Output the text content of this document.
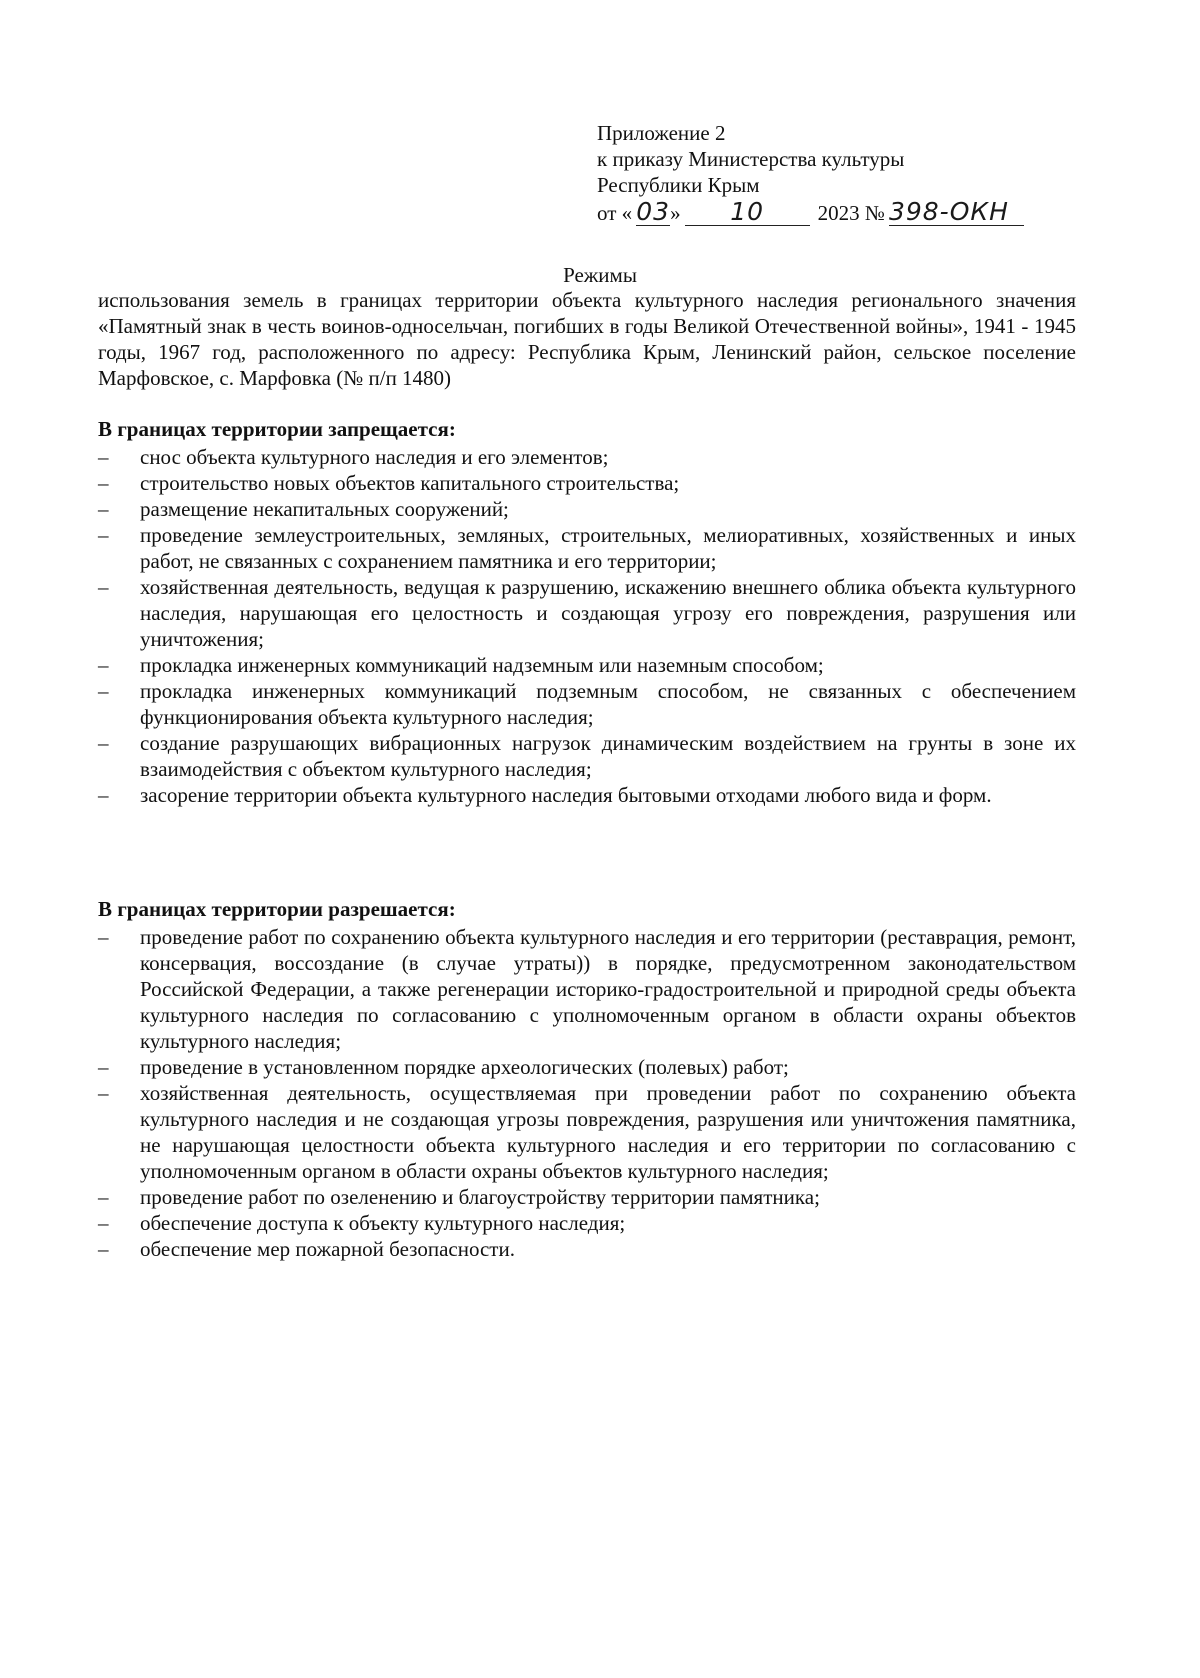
Приложение 2
к приказу Министерства культуры
Республики Крым
от « 03 »	10	2023 № 398-ОКН
Режимы
использования земель в границах территории объекта культурного наследия регионального значения «Памятный знак в честь воинов-односельчан, погибших в годы Великой Отечественной войны», 1941 - 1945 годы, 1967 год, расположенного по адресу: Республика Крым, Ленинский район, сельское поселение Марфовское, с. Марфовка (№ п/п 1480)
В границах территории запрещается:
–	снос объекта культурного наследия и его элементов;
–	строительство новых объектов капитального строительства;
–	размещение некапитальных сооружений;
–	проведение землеустроительных, земляных, строительных, мелиоративных, хозяйственных и иных работ, не связанных с сохранением памятника и его территории;
–	хозяйственная деятельность, ведущая к разрушению, искажению внешнего облика объекта культурного наследия, нарушающая его целостность и создающая угрозу его повреждения, разрушения или уничтожения;
–	прокладка инженерных коммуникаций надземным или наземным способом;
–	прокладка инженерных коммуникаций подземным способом, не связанных с обеспечением функционирования объекта культурного наследия;
–	создание разрушающих вибрационных нагрузок динамическим воздействием на грунты в зоне их взаимодействия с объектом культурного наследия;
–	засорение территории объекта культурного наследия бытовыми отходами любого вида и форм.
В границах территории разрешается:
–	проведение работ по сохранению объекта культурного наследия и его территории (реставрация, ремонт, консервация, воссоздание (в случае утраты)) в порядке, предусмотренном законодательством Российской Федерации, а также регенерации историко-градостроительной и природной среды объекта культурного наследия по согласованию с уполномоченным органом в области охраны объектов культурного наследия;
–	проведение в установленном порядке археологических (полевых) работ;
–	хозяйственная деятельность, осуществляемая при проведении работ по сохранению объекта культурного наследия и не создающая угрозы повреждения, разрушения или уничтожения памятника, не нарушающая целостности объекта культурного наследия и его территории по согласованию с уполномоченным органом в области охраны объектов культурного наследия;
–	проведение работ по озеленению и благоустройству территории памятника;
–	обеспечение доступа к объекту культурного наследия;
–	обеспечение мер пожарной безопасности.
